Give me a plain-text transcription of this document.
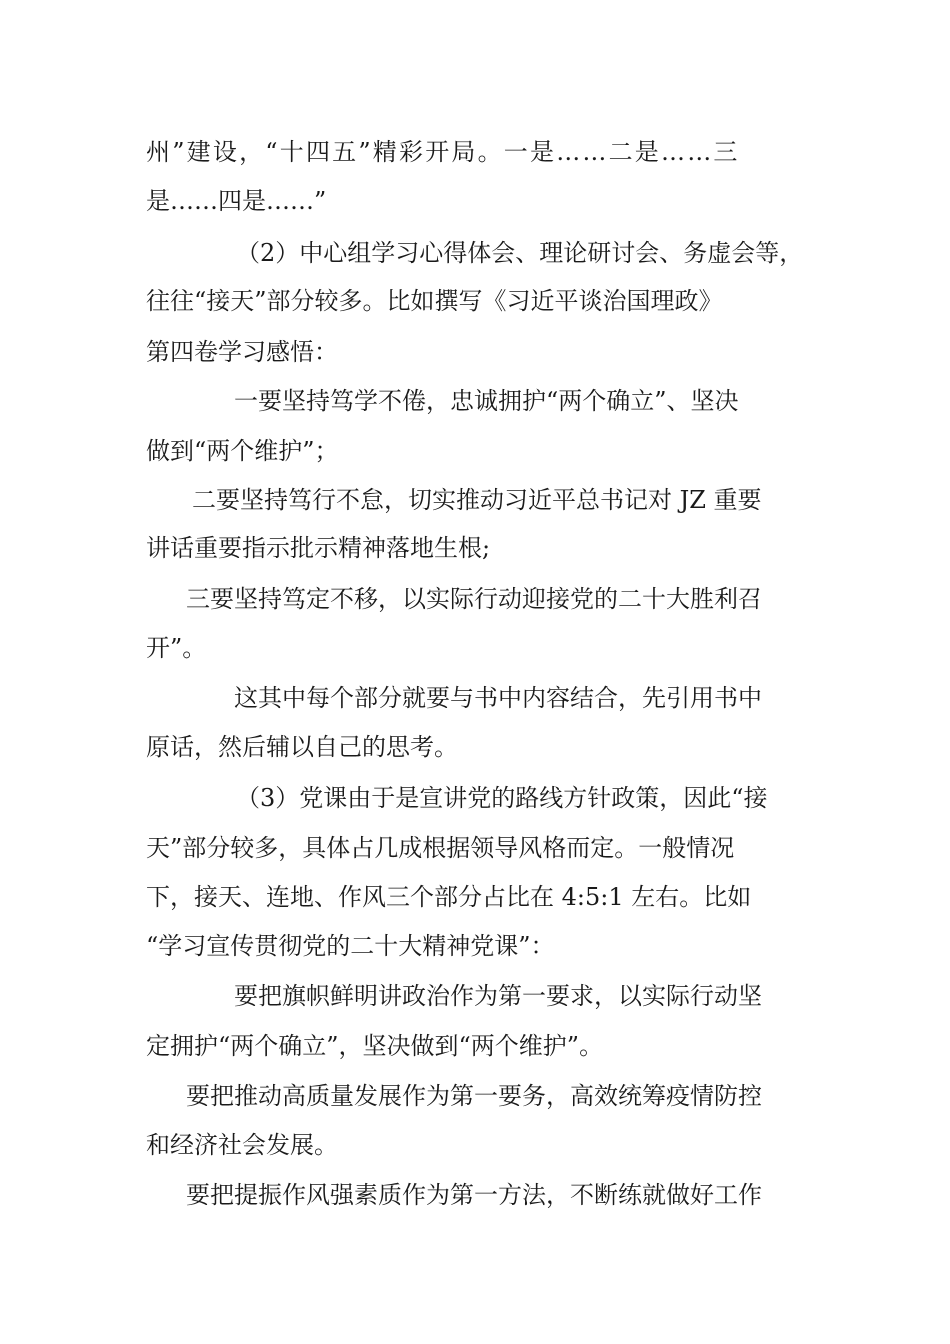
州”建设，“十四五”精彩开局。一是……二是……三

是……四是……”

（2）中心组学习心得体会、理论研讨会、务虚会等，

往往“接天”部分较多。比如撰写《习近平谈治国理政》

第四卷学习感悟：

一要坚持笃学不倦，忠诚拥护“两个确立”、坚决

做到“两个维护”；

二要坚持笃行不怠，切实推动习近平总书记对 JZ 重要

讲话重要指示批示精神落地生根;

三要坚持笃定不移，以实际行动迎接党的二十大胜利召

开”。

这其中每个部分就要与书中内容结合，先引用书中

原话，然后辅以自己的思考。

（3）党课由于是宣讲党的路线方针政策，因此“接

天”部分较多，具体占几成根据领导风格而定。一般情况

下，接天、连地、作风三个部分占比在 4:5:1 左右。比如

“学习宣传贯彻党的二十大精神党课”：

要把旗帜鲜明讲政治作为第一要求，以实际行动坚

定拥护“两个确立”，坚决做到“两个维护”。

要把推动高质量发展作为第一要务，高效统筹疫情防控

和经济社会发展。

要把提振作风强素质作为第一方法，不断练就做好工作
